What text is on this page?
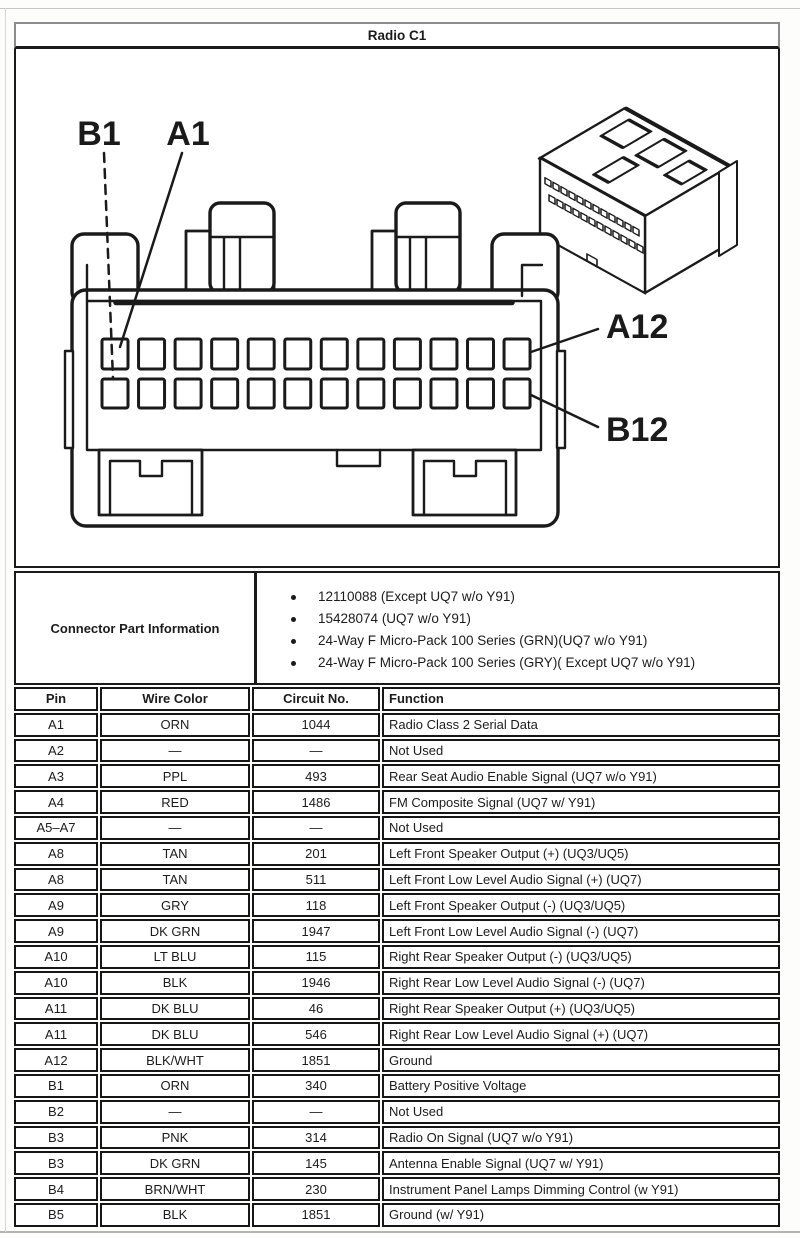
Radio C1
B1 A1
A12
B12
Connector Part Information
12110088 (Except UQ7 w/o Y91)
15428074 (UQ7 w/o Y91)
24-Way F Micro-Pack 100 Series (GRN)(UQ7 w/o Y91)
24-Way F Micro-Pack 100 Series (GRY)( Except UQ7 w/o Y91)
Pin	Wire Color	Circuit No.	Function
A1	ORN	1044	Radio Class 2 Serial Data
A2	—	—	Not Used
A3	PPL	493	Rear Seat Audio Enable Signal (UQ7 w/o Y91)
A4	RED	1486	FM Composite Signal (UQ7 w/ Y91)
A5–A7	—	—	Not Used
A8	TAN	201	Left Front Speaker Output (+) (UQ3/UQ5)
A8	TAN	511	Left Front Low Level Audio Signal (+) (UQ7)
A9	GRY	118	Left Front Speaker Output (-) (UQ3/UQ5)
A9	DK GRN	1947	Left Front Low Level Audio Signal (-) (UQ7)
A10	LT BLU	115	Right Rear Speaker Output (-) (UQ3/UQ5)
A10	BLK	1946	Right Rear Low Level Audio Signal (-) (UQ7)
A11	DK BLU	46	Right Rear Speaker Output (+) (UQ3/UQ5)
A11	DK BLU	546	Right Rear Low Level Audio Signal (+) (UQ7)
A12	BLK/WHT	1851	Ground
B1	ORN	340	Battery Positive Voltage
B2	—	—	Not Used
B3	PNK	314	Radio On Signal (UQ7 w/o Y91)
B3	DK GRN	145	Antenna Enable Signal (UQ7 w/ Y91)
B4	BRN/WHT	230	Instrument Panel Lamps Dimming Control (w Y91)
B5	BLK	1851	Ground (w/ Y91)
